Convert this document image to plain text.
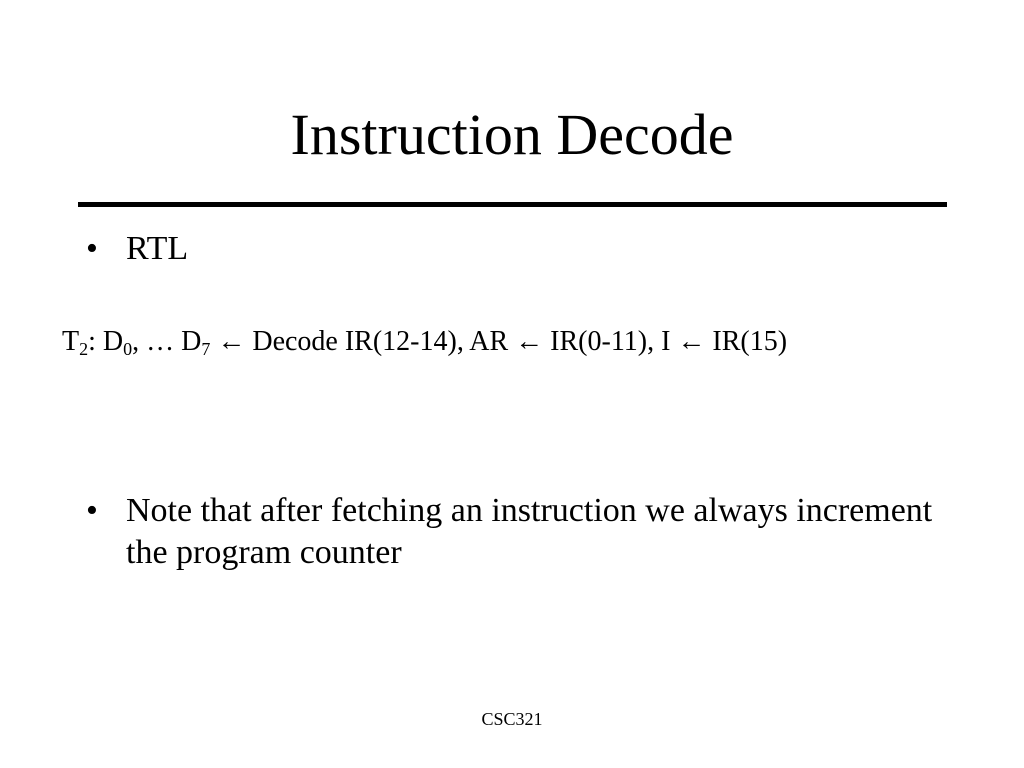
Instruction Decode
• RTL
$T_2$: $D_0$, … $D_7$ ← Decode IR(12-14), AR ← IR(0-11), I ← IR(15)
• Note that after fetching an instruction we always increment the program counter
CSC321
